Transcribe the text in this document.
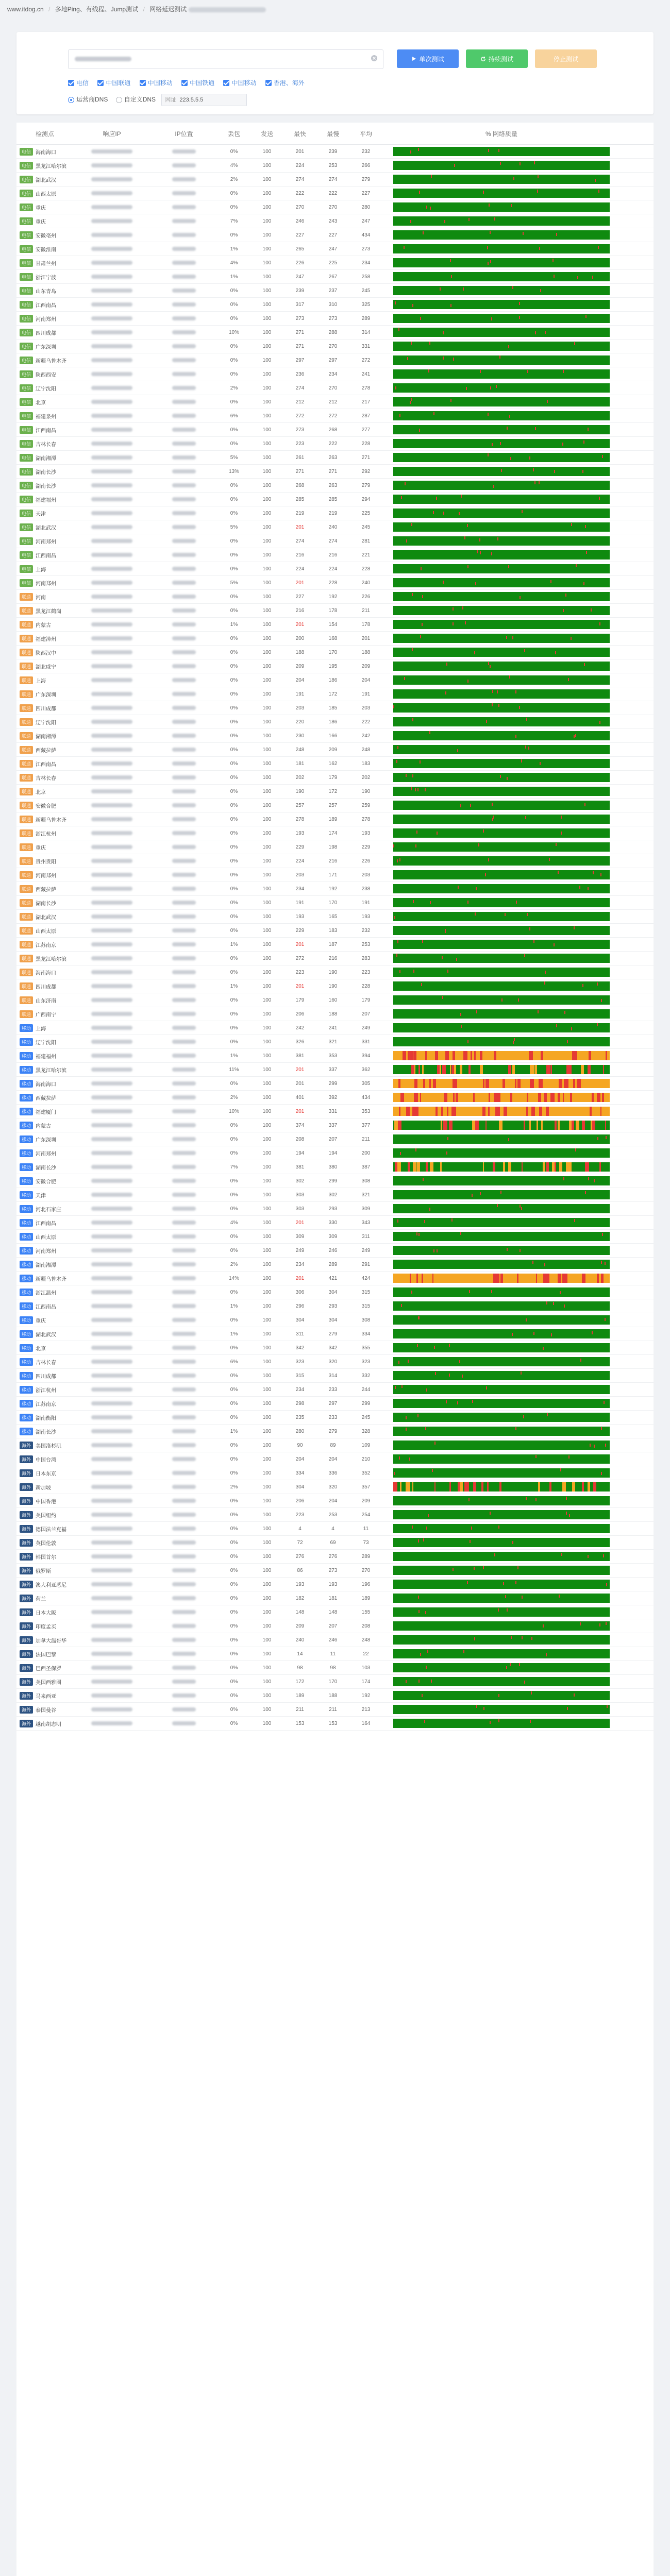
www.itdog.cn / 多地Ping、有线程、Jump测试 / 网络延迟测试
单次测试	持续测试	停止测试
电信	中国联通	中国移动	中国铁通	中国移动	香港、海外
运营商DNS	自定义DNS 网址 223.5.5.5
检测点	响应IP	IP位置	丢包	发送	最快	最慢	平均	% 网络质量
电信 海南海口	0%	100	201	239	232
电信 黑龙江哈尔滨	4%	100	224	253	266
电信 湖北武汉	2%	100	274	274	279
电信 山西太原	0%	100	222	222	227
电信 重庆	0%	100	270	270	280
电信 重庆	7%	100	246	243	247
电信 安徽亳州	0%	100	227	227	434
电信 安徽淮南	1%	100	265	247	273
电信 甘肃兰州	4%	100	226	225	234
电信 浙江宁波	1%	100	247	267	258
电信 山东青岛	0%	100	239	237	245
电信 江西南昌	0%	100	317	310	325
电信 河南郑州	0%	100	273	273	289
电信 四川成都	10%	100	271	288	314
电信 广东深圳	0%	100	271	270	331
电信 新疆乌鲁木齐	0%	100	297	297	272
电信 陕西西安	0%	100	236	234	241
电信 辽宁沈阳	2%	100	274	270	278
电信 北京	0%	100	212	212	217
电信 福建泉州	6%	100	272	272	287
电信 江西南昌	0%	100	273	268	277
电信 吉林长春	0%	100	223	222	228
电信 湖南湘潭	5%	100	261	263	271
电信 湖南长沙	13%	100	271	271	292
电信 湖南长沙	0%	100	268	263	279
电信 福建福州	0%	100	285	285	294
电信 天津	0%	100	219	219	225
电信 湖北武汉	5%	100	201	240	245
电信 河南郑州	0%	100	274	274	281
电信 江西南昌	0%	100	216	216	221
电信 上海	0%	100	224	224	228
电信 河南郑州	5%	100	201	228	240
联通 河南	0%	100	227	192	226
联通 黑龙江鹤岗	0%	100	216	178	211
联通 内蒙古	1%	100	201	154	178
联通 福建漳州	0%	100	200	168	201
联通 陕西汉中	0%	100	188	170	188
联通 湖北咸宁	0%	100	209	195	209
联通 上海	0%	100	204	186	204
联通 广东深圳	0%	100	191	172	191
联通 四川成都	0%	100	203	185	203
联通 辽宁沈阳	0%	100	220	186	222
联通 湖南湘潭	0%	100	230	166	242
联通 西藏拉萨	0%	100	248	209	248
联通 江西南昌	0%	100	181	162	183
联通 吉林长春	0%	100	202	179	202
联通 北京	0%	100	190	172	190
联通 安徽合肥	0%	100	257	257	259
联通 新疆乌鲁木齐	0%	100	278	189	278
联通 浙江杭州	0%	100	193	174	193
联通 重庆	0%	100	229	198	229
联通 贵州贵阳	0%	100	224	216	226
联通 河南郑州	0%	100	203	171	203
联通 西藏拉萨	0%	100	234	192	238
联通 湖南长沙	0%	100	191	170	191
联通 湖北武汉	0%	100	193	165	193
联通 山西太原	0%	100	229	183	232
联通 江苏南京	1%	100	201	187	253
联通 黑龙江哈尔滨	0%	100	272	216	283
联通 海南海口	0%	100	223	190	223
联通 四川成都	1%	100	201	190	228
联通 山东济南	0%	100	179	160	179
联通 广西南宁	0%	100	206	188	207
移动 上海	0%	100	242	241	249
移动 辽宁沈阳	0%	100	326	321	331
移动 福建福州	1%	100	381	353	394
移动 黑龙江哈尔滨	11%	100	201	337	362
移动 海南海口	0%	100	201	299	305
移动 西藏拉萨	2%	100	401	392	434
移动 福建厦门	10%	100	201	331	353
移动 内蒙古	0%	100	374	337	377
移动 广东深圳	0%	100	208	207	211
移动 河南郑州	0%	100	194	194	200
移动 湖南长沙	7%	100	381	380	387
移动 安徽合肥	0%	100	302	299	308
移动 天津	0%	100	303	302	321
移动 河北石家庄	0%	100	303	293	309
移动 江西南昌	4%	100	201	330	343
移动 山西太原	0%	100	309	309	311
移动 河南郑州	0%	100	249	246	249
移动 湖南湘潭	2%	100	234	289	291
移动 新疆乌鲁木齐	14%	100	201	421	424
移动 浙江温州	0%	100	306	304	315
移动 江西南昌	1%	100	296	293	315
移动 重庆	0%	100	304	304	308
移动 湖北武汉	1%	100	311	279	334
移动 北京	0%	100	342	342	355
移动 吉林长春	6%	100	323	320	323
移动 四川成都	0%	100	315	314	332
移动 浙江杭州	0%	100	234	233	244
移动 江苏南京	0%	100	298	297	299
移动 湖南衡阳	0%	100	235	233	245
移动 湖南长沙	1%	100	280	279	328
海外 美国洛杉矶	0%	100	90	89	109
海外 中国台湾	0%	100	204	204	210
海外 日本东京	0%	100	334	336	352
海外 新加坡	2%	100	304	320	357
海外 中国香港	0%	100	206	204	209
海外 美国纽约	0%	100	223	253	254
海外 德国法兰克福	0%	100	4	4	11
海外 英国伦敦	0%	100	72	69	73
海外 韩国首尔	0%	100	276	276	289
海外 俄罗斯	0%	100	86	273	270
海外 澳大利亚悉尼	0%	100	193	193	196
海外 荷兰	0%	100	182	181	189
海外 日本大阪	0%	100	148	148	155
海外 印度孟买	0%	100	209	207	208
海外 加拿大温哥华	0%	100	240	246	248
海外 法国巴黎	0%	100	14	11	22
海外 巴西圣保罗	0%	100	98	98	103
海外 美国西雅图	0%	100	172	170	174
海外 马来西亚	0%	100	189	188	192
海外 泰国曼谷	0%	100	211	211	213
海外 越南胡志明	0%	100	153	153	164
